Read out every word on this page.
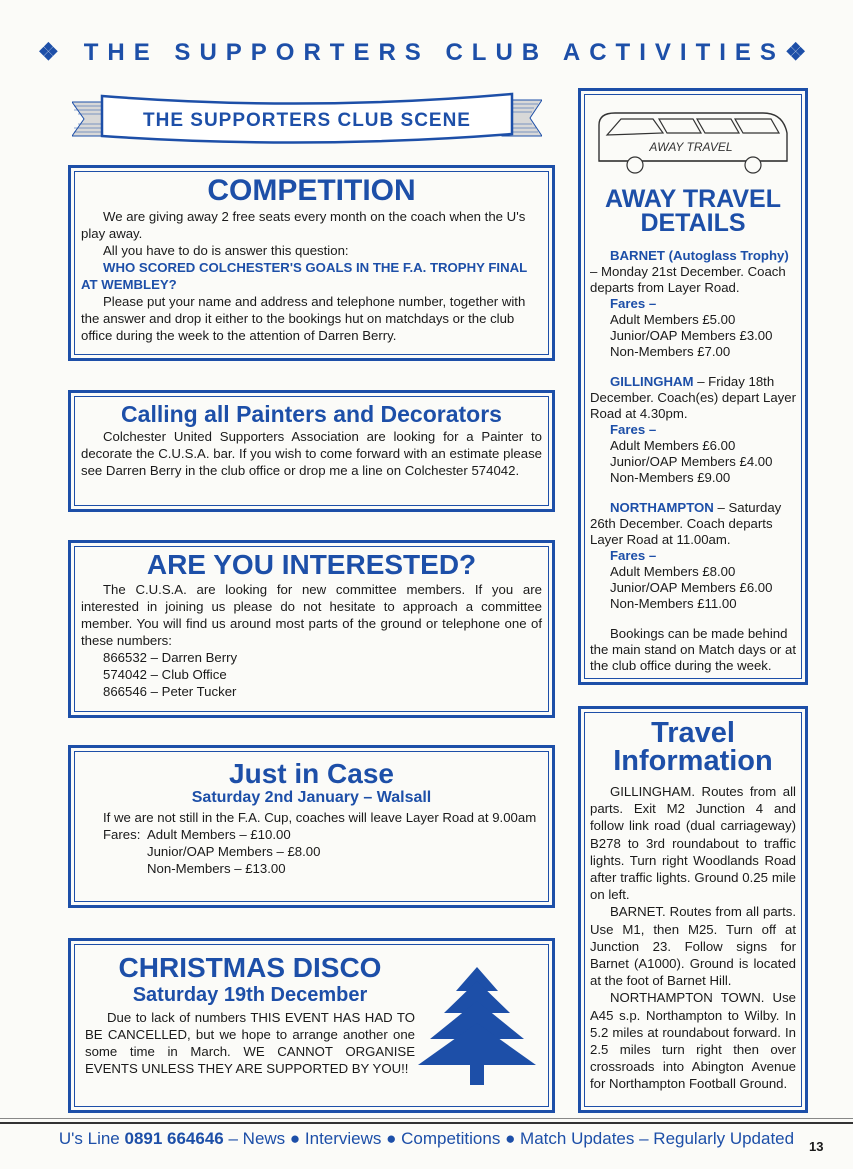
❖ THE SUPPORTERS CLUB ACTIVITIES❖
THE SUPPORTERS CLUB SCENE
COMPETITION

We are giving away 2 free seats every month on the coach when the U's play away.

All you have to do is answer this question:

WHO SCORED COLCHESTER'S GOALS IN THE F.A. TROPHY FINAL AT WEMBLEY?

Please put your name and address and telephone number, together with the answer and drop it either to the bookings hut on matchdays or the club office during the week to the attention of Darren Berry.

Calling all Painters and Decorators

Colchester United Supporters Association are looking for a Painter to decorate the C.U.S.A. bar. If you wish to come forward with an estimate please see Darren Berry in the club office or drop me a line on Colchester 574042.

ARE YOU INTERESTED?

The C.U.S.A. are looking for new committee members. If you are interested in joining us please do not hesitate to approach a committee member. You will find us around most parts of the ground or telephone one of these numbers:

866532 – Darren Berry

574042 – Club Office

866546 – Peter Tucker

Just in Case
Saturday 2nd January – Walsall

If we are not still in the F.A. Cup, coaches will leave Layer Road at 9.00am

Fares: Adult Members – £10.00

Junior/OAP Members – £8.00

Non-Members – £13.00

CHRISTMAS DISCO
Saturday 19th December

Due to lack of numbers THIS EVENT HAS HAD TO BE CANCELLED, but we hope to arrange another one some time in March. WE CANNOT ORGANISE EVENTS UNLESS THEY ARE SUPPORTED BY YOU!!

AWAY TRAVEL
AWAY TRAVEL
DETAILS

BARNET (Autoglass Trophy)

– Monday 21st December. Coach departs from Layer Road.

Fares –

Adult Members £5.00

Junior/OAP Members £3.00

Non-Members £7.00

GILLINGHAM – Friday 18th December. Coach(es) depart Layer Road at 4.30pm.

Fares –

Adult Members £6.00

Junior/OAP Members £4.00

Non-Members £9.00

NORTHAMPTON – Saturday 26th December. Coach departs Layer Road at 11.00am.

Fares –

Adult Members £8.00

Junior/OAP Members £6.00

Non-Members £11.00

Bookings can be made behind the main stand on Match days or at the club office during the week.

Travel
Information

GILLINGHAM. Routes from all parts. Exit M2 Junction 4 and follow link road (dual carriageway) B278 to 3rd roundabout to traffic lights. Turn right Woodlands Road after traffic lights. Ground 0.25 mile on left.

BARNET. Routes from all parts. Use M1, then M25. Turn off at Junction 23. Follow signs for Barnet (A1000). Ground is located at the foot of Barnet Hill.

NORTHAMPTON TOWN. Use A45 s.p. Northampton to Wilby. In 5.2 miles at roundabout forward. In 2.5 miles turn right then over crossroads into Abington Avenue for Northampton Football Ground.

U's Line 0891 664646 – News ● Interviews ● Competitions ● Match Updates – Regularly Updated	13
